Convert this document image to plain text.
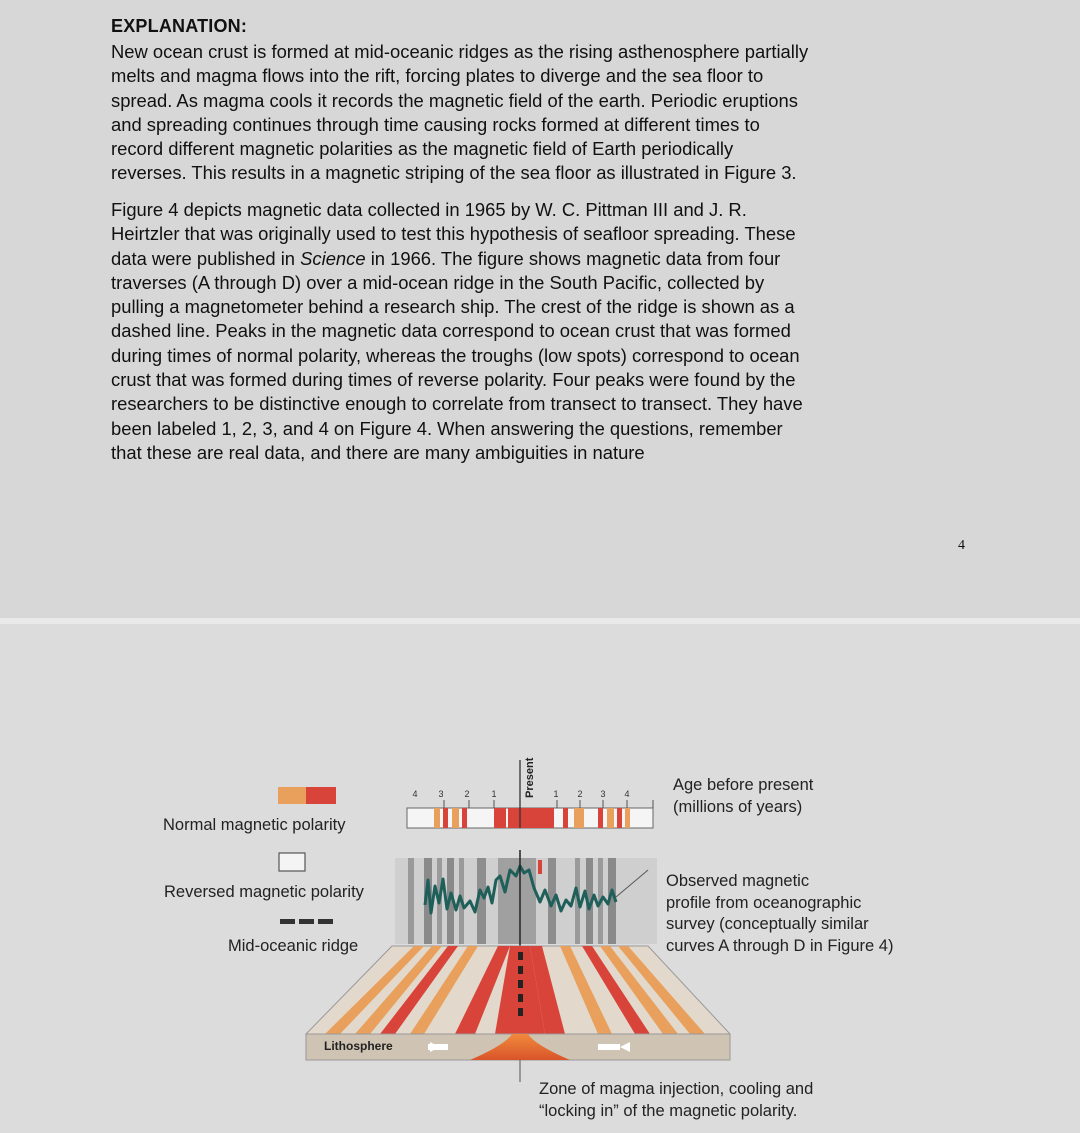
EXPLANATION:
New ocean crust is formed at mid-oceanic ridges as the rising asthenosphere partially
melts and magma flows into the rift, forcing plates to diverge and the sea floor to
spread. As magma cools it records the magnetic field of the earth. Periodic eruptions
and spreading continues through time causing rocks formed at different times to
record different magnetic polarities as the magnetic field of Earth periodically
reverses. This results in a magnetic striping of the sea floor as illustrated in Figure 3.
Figure 4 depicts magnetic data collected in 1965 by W. C. Pittman III and J. R.
Heirtzler that was originally used to test this hypothesis of seafloor spreading. These
data were published in Science in 1966. The figure shows magnetic data from four
traverses (A through D) over a mid-ocean ridge in the South Pacific, collected by
pulling a magnetometer behind a research ship. The crest of the ridge is shown as a
dashed line. Peaks in the magnetic data correspond to ocean crust that was formed
during times of normal polarity, whereas the troughs (low spots) correspond to ocean
crust that was formed during times of reverse polarity. Four peaks were found by the
researchers to be distinctive enough to correlate from transect to transect. They have
been labeled 1, 2, 3, and 4 on Figure 4. When answering the questions, remember
that these are real data, and there are many ambiguities in nature
4
4 3 2 1	1 2 3 4
Present
Lithosphere
Normal magnetic polarity
Reversed magnetic polarity
Mid-oceanic ridge
Age before present
(millions of years)
Observed magnetic
profile from oceanographic
survey (conceptually similar
curves A through D in Figure 4)
Zone of magma injection, cooling and
“locking in” of the magnetic polarity.
